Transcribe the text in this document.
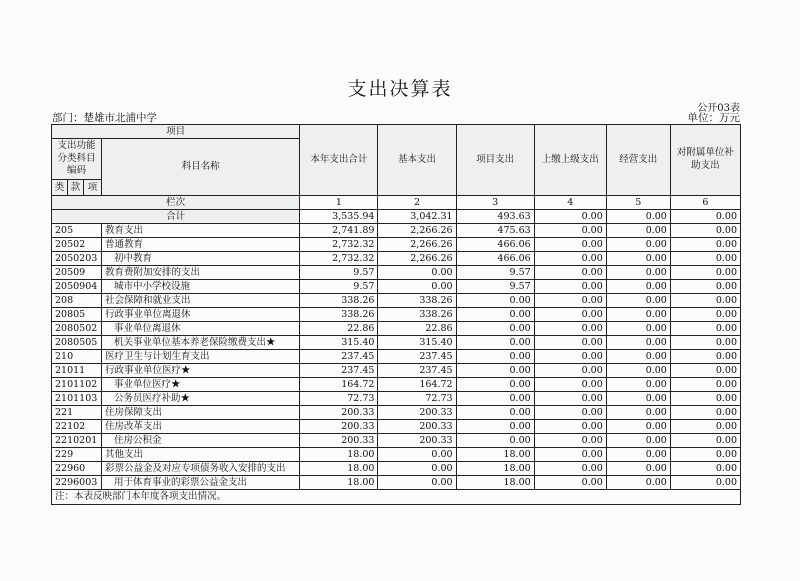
支出决算表
公开03表
部门：楚雄市北浦中学	单位：万元
项目				本年支出合计	基本支出	项目支出	上缴上级支出	经营支出	对附属单位补助支出
支出功能分类科目编码			科目名称						
类	款	项							
栏次				1	2	3	4	5	6
合计				3,535.94	3,042.31	493.63	0.00	0.00	0.00
205			教育支出	2,741.89	2,266.26	475.63	0.00	0.00	0.00
20502			普通教育	2,732.32	2,266.26	466.06	0.00	0.00	0.00
2050203			初中教育	2,732.32	2,266.26	466.06	0.00	0.00	0.00
20509			教育费附加安排的支出	9.57	0.00	9.57	0.00	0.00	0.00
2050904			城市中小学校设施	9.57	0.00	9.57	0.00	0.00	0.00
208			社会保障和就业支出	338.26	338.26	0.00	0.00	0.00	0.00
20805			行政事业单位离退休	338.26	338.26	0.00	0.00	0.00	0.00
2080502			事业单位离退休	22.86	22.86	0.00	0.00	0.00	0.00
2080505			机关事业单位基本养老保险缴费支出★	315.40	315.40	0.00	0.00	0.00	0.00
210			医疗卫生与计划生育支出	237.45	237.45	0.00	0.00	0.00	0.00
21011			行政事业单位医疗★	237.45	237.45	0.00	0.00	0.00	0.00
2101102			事业单位医疗★	164.72	164.72	0.00	0.00	0.00	0.00
2101103			公务员医疗补助★	72.73	72.73	0.00	0.00	0.00	0.00
221			住房保障支出	200.33	200.33	0.00	0.00	0.00	0.00
22102			住房改革支出	200.33	200.33	0.00	0.00	0.00	0.00
2210201			住房公积金	200.33	200.33	0.00	0.00	0.00	0.00
229			其他支出	18.00	0.00	18.00	0.00	0.00	0.00
22960			彩票公益金及对应专项债务收入安排的支出	18.00	0.00	18.00	0.00	0.00	0.00
2296003			用于体育事业的彩票公益金支出	18.00	0.00	18.00	0.00	0.00	0.00
注：本表反映部门本年度各项支出情况。									
